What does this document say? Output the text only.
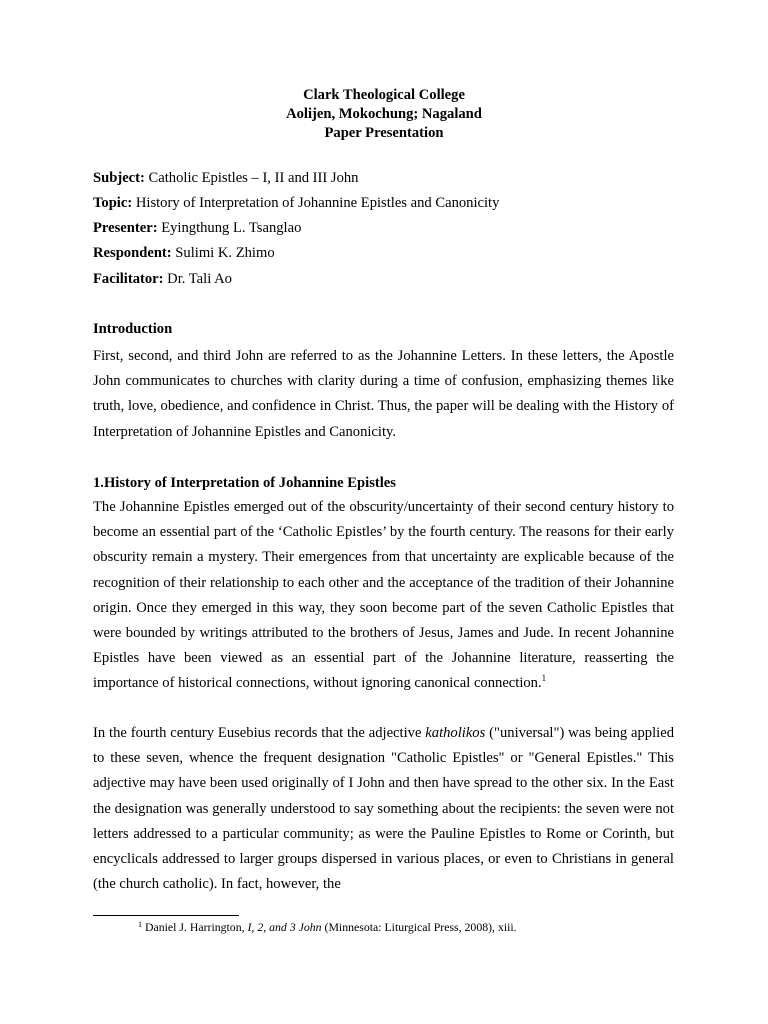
Clark Theological College
Aolijen, Mokochung; Nagaland
Paper Presentation
Subject: Catholic Epistles – I, II and III John
Topic: History of Interpretation of Johannine Epistles and Canonicity
Presenter: Eyingthung L. Tsanglao
Respondent: Sulimi K. Zhimo
Facilitator: Dr. Tali Ao
Introduction

First, second, and third John are referred to as the Johannine Letters. In these letters, the Apostle John communicates to churches with clarity during a time of confusion, emphasizing themes like truth, love, obedience, and confidence in Christ. Thus, the paper will be dealing with the History of Interpretation of Johannine Epistles and Canonicity.

1.History of Interpretation of Johannine Epistles

The Johannine Epistles emerged out of the obscurity/uncertainty of their second century history to become an essential part of the ‘Catholic Epistles’ by the fourth century. The reasons for their early obscurity remain a mystery. Their emergences from that uncertainty are explicable because of the recognition of their relationship to each other and the acceptance of the tradition of their Johannine origin. Once they emerged in this way, they soon become part of the seven Catholic Epistles that were bounded by writings attributed to the brothers of Jesus, James and Jude. In recent Johannine Epistles have been viewed as an essential part of the Johannine literature, reasserting the importance of historical connections, without ignoring canonical connection.$^1$

In the fourth century Eusebius records that the adjective katholikos ("universal") was being applied to these seven, whence the frequent designation "Catholic Epistles" or "General Epistles." This adjective may have been used originally of I John and then have spread to the other six. In the East the designation was generally understood to say something about the recipients: the seven were not letters addressed to a particular community; as were the Pauline Epistles to Rome or Corinth, but encyclicals addressed to larger groups dispersed in various places, or even to Christians in general (the church catholic). In fact, however, the

$^1$ Daniel J. Harrington, I, 2, and 3 John (Minnesota: Liturgical Press, 2008), xiii.
